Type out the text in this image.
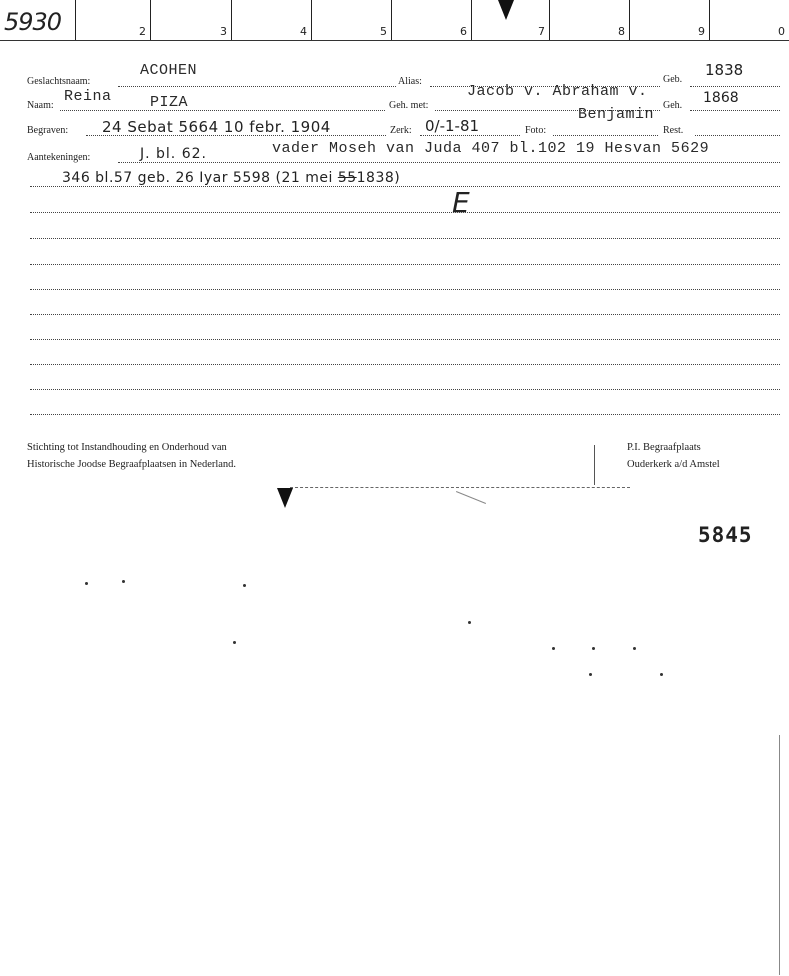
5930	2	3	4	5	6	7	8	9	0
Geslachtsnaam:
ACOHEN
Alias:	Geb.
1838
Naam:
Reina	PIZA	Geh. met:
Jacob v. Abraham v.
Benjamin
Geh. 1868
Begraven: 24 Sebat 5664 10 febr. 1904	Zerk: 0/-1-81	Foto:	Rest.
Aantekeningen:	J. bl. 62.	vader Moseh van Juda 407 bl.102 19 Hesvan 5629
346 bl.57 geb. 26 Iyar 5598 (21 mei 551838)
E
Stichting tot Instandhouding en Onderhoud van
Historische Joodse Begraafplaatsen in Nederland.
P.I. Begraafplaats
Ouderkerk a/d Amstel
5845
